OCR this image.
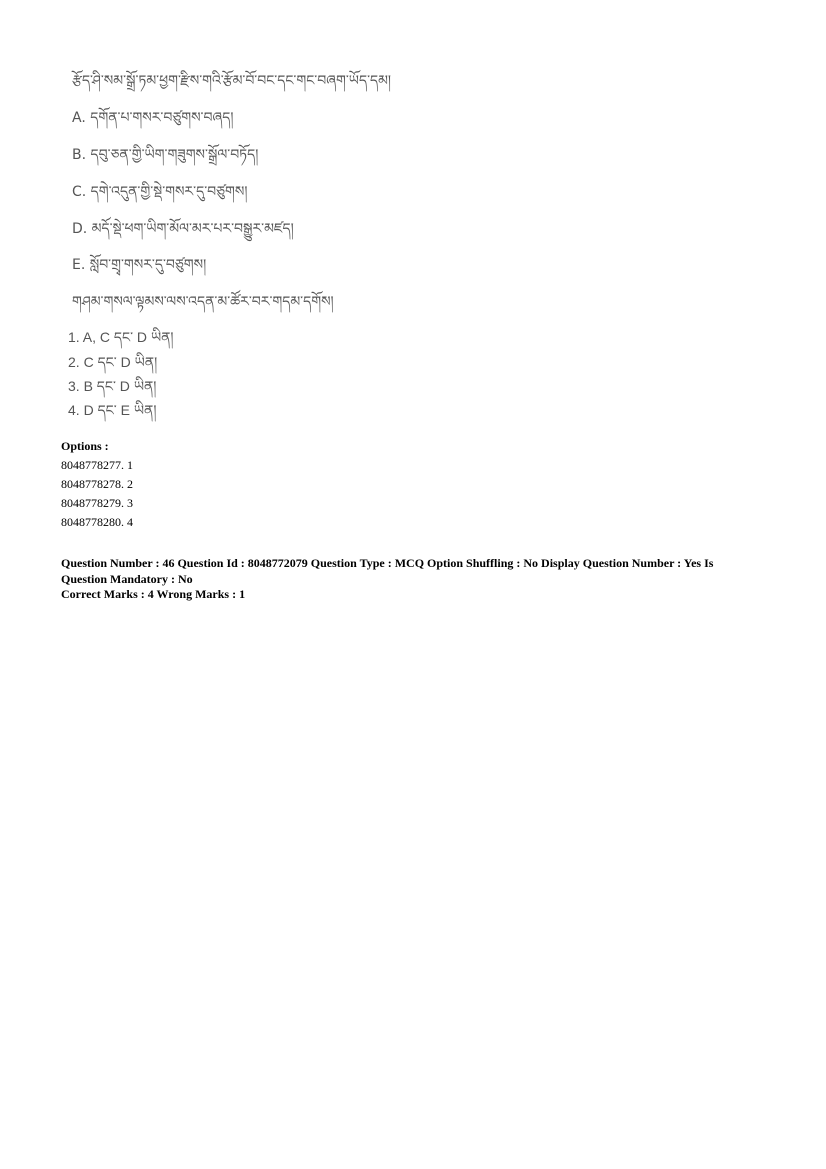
རྩོད་ཤི་སམ་སྒྲོ་ཏམ་ཕྱག་རྫིས་གའི་རྩོམ་བོ་བང་དང་གང་བཞག་ཡོད་དམ།
A. དགོན་པ་གསར་བཙུགས་བཞད།
B. དབུ་ཅན་གྱི་ཡིག་གཟུགས་སྒྲོལ་བཏོད།
C. དགེ་འདུན་གྱི་སྡེ་གསར་དུ་བཙུགས།
D. མདོ་སྡེ་ཕག་ཡིག་མོལ་མར་པར་བསྒྱུར་མཛད།
E. སློབ་གྲྭ་གསར་དུ་བཙུགས།
གཤམ་གསལ་ལྟམས་ལས་འདན་མ་ཚོར་བར་གདམ་དགོས།
1. A, C དང་ D ཡིན།
2. C དང་ D ཡིན།
3. B དང་ D ཡིན།
4. D དང་ E ཡིན།
Options :
8048778277. 1
8048778278. 2
8048778279. 3
8048778280. 4
Question Number : 46 Question Id : 8048772079 Question Type : MCQ Option Shuffling : No Display Question Number : Yes Is Question Mandatory : No
Correct Marks : 4 Wrong Marks : 1
